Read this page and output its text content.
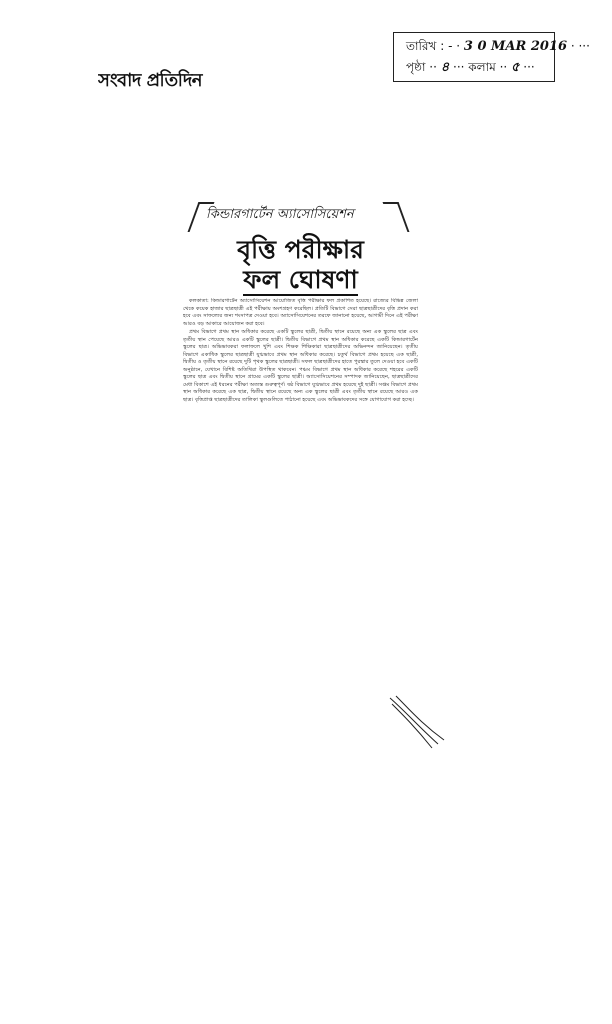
সংবাদ প্রতিদিন
তারিখ : - · 3 0 MAR 2016 · ···
পৃষ্ঠা ·· ৪ ··· কলাম ·· ৫ ···
কিন্ডারগার্টেন অ্যাসোসিয়েশন
বৃত্তি পরীক্ষার
ফল ঘোষণা

কলকাতা: কিন্ডারগার্টেন অ্যাসোসিয়েশন আয়োজিত বৃত্তি পরীক্ষার ফল প্রকাশিত হয়েছে। রাজ্যের বিভিন্ন জেলা থেকে কয়েক হাজার ছাত্রছাত্রী এই পরীক্ষায় অংশগ্রহণ করেছিল। প্রতিটি বিভাগে সেরা ছাত্রছাত্রীদের বৃত্তি প্রদান করা হবে এবং সাফল্যের জন্য শংসাপত্র দেওয়া হবে। অ্যাসোসিয়েশনের তরফে জানানো হয়েছে, আগামী দিনে এই পরীক্ষা আরও বড় আকারে আয়োজন করা হবে।

প্রথম বিভাগে প্রথম স্থান অধিকার করেছে একটি স্কুলের ছাত্রী, দ্বিতীয় স্থানে রয়েছে অন্য এক স্কুলের ছাত্র এবং তৃতীয় স্থান পেয়েছে আরও একটি স্কুলের ছাত্রী। দ্বিতীয় বিভাগে প্রথম স্থান অধিকার করেছে একটি কিন্ডারগার্টেন স্কুলের ছাত্র। অভিভাবকরা ফলাফলে খুশি এবং শিক্ষক শিক্ষিকারা ছাত্রছাত্রীদের অভিনন্দন জানিয়েছেন। তৃতীয় বিভাগে একাধিক স্কুলের ছাত্রছাত্রী যুগ্মভাবে প্রথম স্থান অধিকার করেছে। চতুর্থ বিভাগে প্রথম হয়েছে এক ছাত্রী, দ্বিতীয় ও তৃতীয় স্থানে রয়েছে দুটি পৃথক স্কুলের ছাত্রছাত্রী। সফল ছাত্রছাত্রীদের হাতে পুরস্কার তুলে দেওয়া হবে একটি অনুষ্ঠানে, যেখানে বিশিষ্ট অতিথিরা উপস্থিত থাকবেন। পঞ্চম বিভাগে প্রথম স্থান অধিকার করেছে শহরের একটি স্কুলের ছাত্র এবং দ্বিতীয় স্থানে গ্রামের একটি স্কুলের ছাত্রী। অ্যাসোসিয়েশনের সম্পাদক জানিয়েছেন, ছাত্রছাত্রীদের মেধা বিকাশে এই ধরনের পরীক্ষা অত্যন্ত গুরুত্বপূর্ণ। ষষ্ঠ বিভাগে যুগ্মভাবে প্রথম হয়েছে দুই ছাত্রী। সপ্তম বিভাগে প্রথম স্থান অধিকার করেছে এক ছাত্র, দ্বিতীয় স্থানে রয়েছে অন্য এক স্কুলের ছাত্রী এবং তৃতীয় স্থানে রয়েছে আরও এক ছাত্র। বৃত্তিপ্রাপ্ত ছাত্রছাত্রীদের তালিকা স্কুলগুলিতে পাঠানো হয়েছে এবং অভিভাবকদের সঙ্গে যোগাযোগ করা হচ্ছে।
